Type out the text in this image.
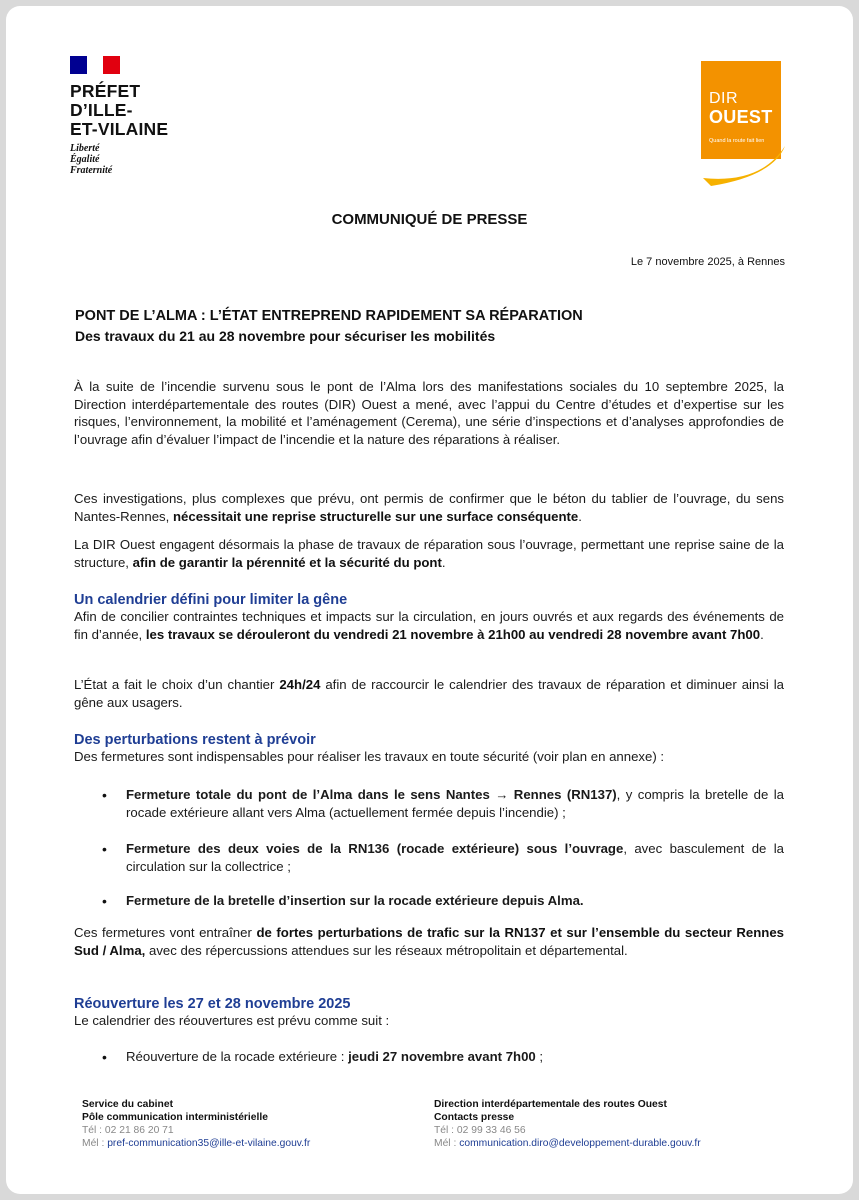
PRÉFET
D’ILLE-
ET-VILAINE
Liberté
Égalité
Fraternité
DIR
OUEST
Quand la route fait lien
COMMUNIQUÉ DE PRESSE
Le 7 novembre 2025, à Rennes
PONT DE L’ALMA : L’ÉTAT ENTREPREND RAPIDEMENT SA RÉPARATION
Des travaux du 21 au 28 novembre pour sécuriser les mobilités
À la suite de l’incendie survenu sous le pont de l’Alma lors des manifestations sociales du 10 septembre 2025, la Direction interdépartementale des routes (DIR) Ouest a mené, avec l’appui du Centre d’études et d’expertise sur les risques, l’environnement, la mobilité et l’aménagement (Cerema), une série d’inspections et d’analyses approfondies de l’ouvrage afin d’évaluer l’impact de l’incendie et la nature des réparations à réaliser.
Ces investigations, plus complexes que prévu, ont permis de confirmer que le béton du tablier de l’ouvrage, du sens Nantes-Rennes, nécessitait une reprise structurelle sur une surface conséquente.
La DIR Ouest engagent désormais la phase de travaux de réparation sous l’ouvrage, permettant une reprise saine de la structure, afin de garantir la pérennité et la sécurité du pont.
Un calendrier défini pour limiter la gêne
Afin de concilier contraintes techniques et impacts sur la circulation, en jours ouvrés et aux regards des événements de fin d’année, les travaux se dérouleront du vendredi 21 novembre à 21h00 au vendredi 28 novembre avant 7h00.
L’État a fait le choix d’un chantier 24h/24 afin de raccourcir le calendrier des travaux de réparation et diminuer ainsi la gêne aux usagers.
Des perturbations restent à prévoir
Des fermetures sont indispensables pour réaliser les travaux en toute sécurité (voir plan en annexe) :
• Fermeture totale du pont de l’Alma dans le sens Nantes → Rennes (RN137), y compris la bretelle de la rocade extérieure allant vers Alma (actuellement fermée depuis l’incendie) ;
• Fermeture des deux voies de la RN136 (rocade extérieure) sous l’ouvrage, avec basculement de la circulation sur la collectrice ;
• Fermeture de la bretelle d’insertion sur la rocade extérieure depuis Alma.
Ces fermetures vont entraîner de fortes perturbations de trafic sur la RN137 et sur l’ensemble du secteur Rennes Sud / Alma, avec des répercussions attendues sur les réseaux métropolitain et départemental.
Réouverture les 27 et 28 novembre 2025
Le calendrier des réouvertures est prévu comme suit :
• Réouverture de la rocade extérieure : jeudi 27 novembre avant 7h00 ;
Service du cabinet
Pôle communication interministérielle
Tél : 02 21 86 20 71
Mél : pref-communication35@ille-et-vilaine.gouv.fr
Direction interdépartementale des routes Ouest
Contacts presse
Tél : 02 99 33 46 56
Mél : communication.diro@developpement-durable.gouv.fr
